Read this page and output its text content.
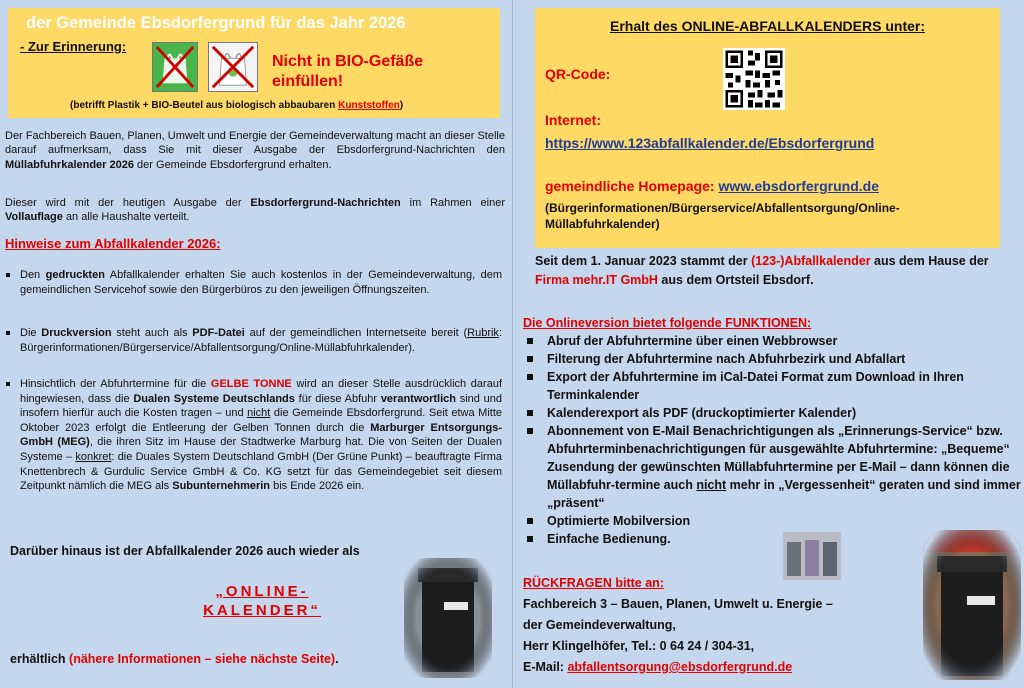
der Gemeinde Ebsdorfergrund für das Jahr 2026
- Zur Erinnerung:
Nicht in BIO-Gefäße
einfüllen!
(betrifft Plastik + BIO-Beutel aus biologisch abbaubaren Kunststoffen)
Der Fachbereich Bauen, Planen, Umwelt und Energie der Gemeindeverwaltung macht an dieser Stelle darauf aufmerksam, dass Sie mit dieser Ausgabe der Ebsdorfergrund-Nachrichten den Müllabfuhrkalender 2026 der Gemeinde Ebsdorfergrund erhalten.
Dieser wird mit der heutigen Ausgabe der Ebsdorfergrund-Nachrichten im Rahmen einer Vollauflage an alle Haushalte verteilt.
Hinweise zum Abfallkalender 2026:
Den gedruckten Abfallkalender erhalten Sie auch kostenlos in der Gemeindeverwaltung, dem gemeindlichen Servicehof sowie den Bürgerbüros zu den jeweiligen Öffnungszeiten.
Die Druckversion steht auch als PDF-Datei auf der gemeindlichen Internetseite bereit (Rubrik: Bürgerinformationen/Bürgerservice/Abfallentsorgung/Online-Müllabfuhrkalender).
Hinsichtlich der Abfuhrtermine für die GELBE TONNE wird an dieser Stelle ausdrücklich darauf hingewiesen, dass die Dualen Systeme Deutschlands für diese Abfuhr verantwortlich sind und insofern hierfür auch die Kosten tragen – und nicht die Gemeinde Ebsdorfergrund. Seit etwa Mitte Oktober 2023 erfolgt die Entleerung der Gelben Tonnen durch die Marburger Entsorgungs-GmbH (MEG), die ihren Sitz im Hause der Stadtwerke Marburg hat. Die von Seiten der Dualen Systeme – konkret: die Duales System Deutschland GmbH (Der Grüne Punkt) – beauftragte Firma Knettenbrech & Gurdulic Service GmbH & Co. KG setzt für das Gemeindegebiet seit diesem Zeitpunkt nämlich die MEG als Subunternehmerin bis Ende 2026 ein.
Darüber hinaus ist der Abfallkalender 2026 auch wieder als
„ONLINE-
KALENDER“
erhältlich (nähere Informationen – siehe nächste Seite).
Erhalt des ONLINE-ABFALLKALENDERS unter:
QR-Code:
Internet:
https://www.123abfallkalender.de/Ebsdorfergrund
gemeindliche Homepage: www.ebsdorfergrund.de
(Bürgerinformationen/Bürgerservice/Abfallentsorgung/Online-Müllabfuhrkalender)
Seit dem 1. Januar 2023 stammt der (123-)Abfallkalender aus dem Hause der Firma mehr.IT GmbH aus dem Ortsteil Ebsdorf.
Die Onlineversion bietet folgende FUNKTIONEN:
Abruf der Abfuhrtermine über einen Webbrowser
Filterung der Abfuhrtermine nach Abfuhrbezirk und Abfallart
Export der Abfuhrtermine im iCal-Datei Format zum Download in Ihren Terminkalender
Kalenderexport als PDF (druckoptimierter Kalender)
Abonnement von E-Mail Benachrichtigungen als „Erinnerungs-Service“ bzw. Abfuhrterminbenachrichtigungen für ausgewählte Abfuhrtermine: „Bequeme“ Zusendung der gewünschten Müllabfuhrtermine per E-Mail – dann können die Müllabfuhr-termine auch nicht mehr in „Vergessenheit“ geraten und sind immer „präsent“
Optimierte Mobilversion
Einfache Bedienung.
RÜCKFRAGEN bitte an:
Fachbereich 3 – Bauen, Planen, Umwelt u. Energie –
der Gemeindeverwaltung,
Herr Klingelhöfer, Tel.: 0 64 24 / 304-31,
E-Mail: abfallentsorgung@ebsdorfergrund.de
